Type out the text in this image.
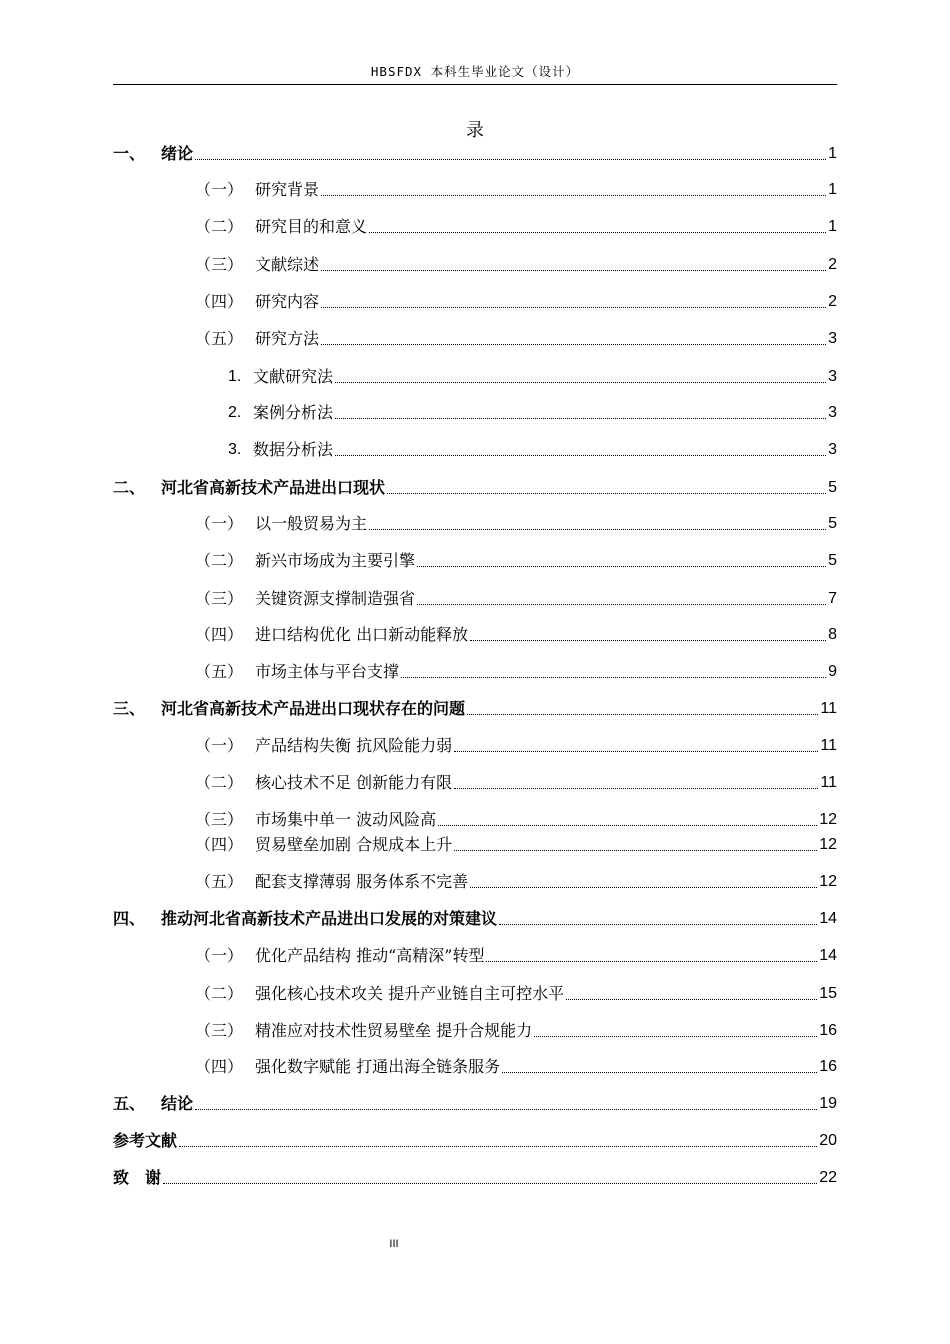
HBSFDX 本科生毕业论文（设计）
录
一、 绪论	1
（一） 研究背景	1
（二） 研究目的和意义	1
（三） 文献综述	2
（四） 研究内容	2
（五） 研究方法	3
1. 文献研究法	3
2. 案例分析法	3
3. 数据分析法	3
二、 河北省高新技术产品进出口现状	5
（一） 以一般贸易为主	5
（二） 新兴市场成为主要引擎	5
（三） 关键资源支撑制造强省	7
（四） 进口结构优化 出口新动能释放	8
（五） 市场主体与平台支撑	9
三、 河北省高新技术产品进出口现状存在的问题	11
（一） 产品结构失衡 抗风险能力弱	11
（二） 核心技术不足 创新能力有限	11
（三） 市场集中单一 波动风险高	12
（四） 贸易壁垒加剧 合规成本上升	12
（五） 配套支撑薄弱 服务体系不完善	12
四、 推动河北省高新技术产品进出口发展的对策建议	14
（一） 优化产品结构 推动“高精深”转型	14
（二） 强化核心技术攻关 提升产业链自主可控水平	15
（三） 精准应对技术性贸易壁垒 提升合规能力	16
（四） 强化数字赋能 打通出海全链条服务	16
五、 结论	19
参考文献	20
致　谢	22
III
